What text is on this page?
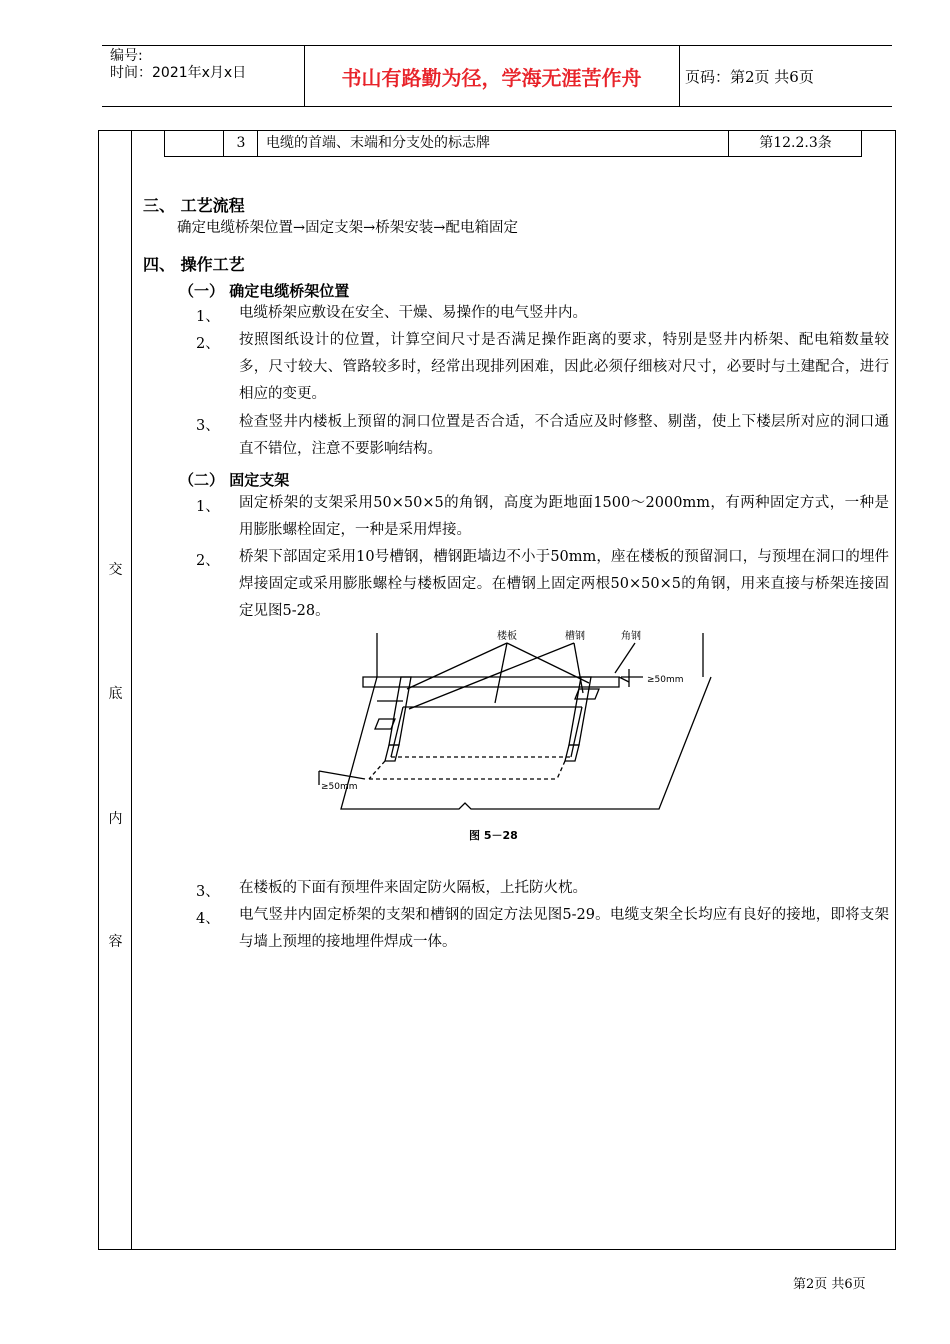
编号:
时间：2021年x月x日	书山有路勤为径，学海无涯苦作舟	页码：第2页 共6页
交
底
内
容
3	电缆的首端、末端和分支处的标志牌	第12.2.3条
三、 工艺流程
确定电缆桥架位置→固定支架→桥架安装→配电箱固定
四、 操作工艺
（一） 确定电缆桥架位置
1、 电缆桥架应敷设在安全、干燥、易操作的电气竖井内。
2、 按照图纸设计的位置，计算空间尺寸是否满足操作距离的要求，特别是竖井内桥架、配电箱数量较多，尺寸较大、管路较多时，经常出现排列困难，因此必须仔细核对尺寸，必要时与土建配合，进行相应的变更。
3、 检查竖井内楼板上预留的洞口位置是否合适，不合适应及时修整、剔凿，使上下楼层所对应的洞口通直不错位，注意不要影响结构。
（二） 固定支架
1、 固定桥架的支架采用50×50×5的角钢，高度为距地面1500～2000mm，有两种固定方式，一种是用膨胀螺栓固定，一种是采用焊接。
2、 桥架下部固定采用10号槽钢，槽钢距墙边不小于50mm，座在楼板的预留洞口，与预埋在洞口的埋件焊接固定或采用膨胀螺栓与楼板固定。在槽钢上固定两根50×50×5的角钢，用来直接与桥架连接固定见图5-28。
楼板	槽钢	角钢
≥50mm
≥50mm
图 5－28
3、 在楼板的下面有预埋件来固定防火隔板，上托防火枕。
4、 电气竖井内固定桥架的支架和槽钢的固定方法见图5-29。电缆支架全长均应有良好的接地，即将支架与墙上预埋的接地埋件焊成一体。
第2页 共6页
